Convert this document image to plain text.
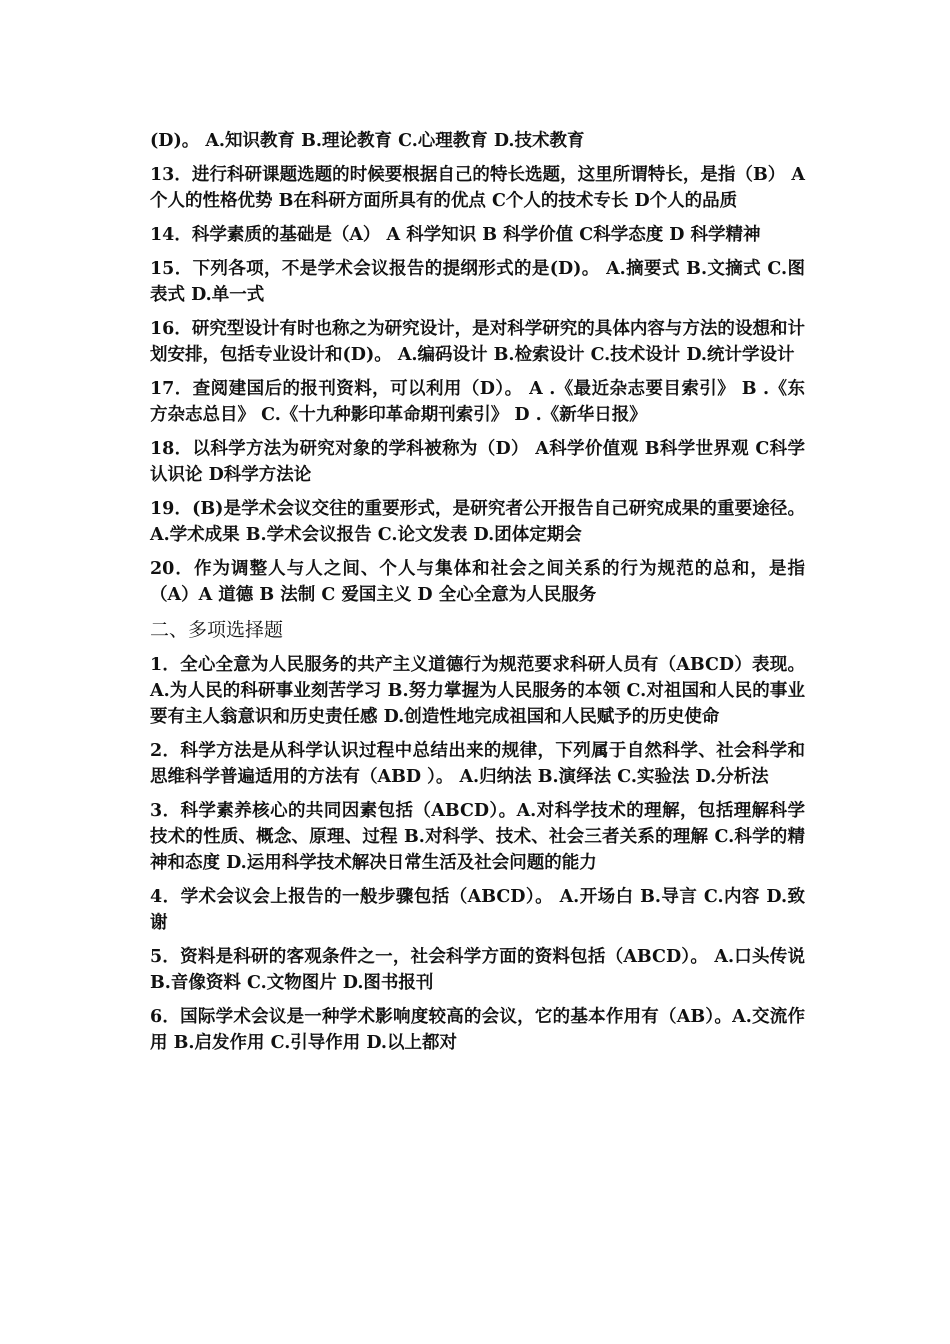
(D)。 A.知识教育 B.理论教育 C.心理教育 D.技术教育
13．进行科研课题选题的时候要根据自己的特长选题，这里所谓特长，是指（B） A个人的性格优势 B在科研方面所具有的优点 C个人的技术专长 D个人的品质
14．科学素质的基础是（A） A 科学知识 B 科学价值 C科学态度 D 科学精神
15．下列各项，不是学术会议报告的提纲形式的是(D)。 A.摘要式 B.文摘式 C.图表式 D.单一式
16．研究型设计有时也称之为研究设计，是对科学研究的具体内容与方法的设想和计划安排，包括专业设计和(D)。 A.编码设计 B.检索设计 C.技术设计 D.统计学设计
17．查阅建国后的报刊资料，可以利用（D）。 A .《最近杂志要目索引》 B .《东方杂志总目》 C.《十九种影印革命期刊索引》 D .《新华日报》
18．以科学方法为研究对象的学科被称为（D） A科学价值观 B科学世界观 C科学认识论 D科学方法论
19．(B)是学术会议交往的重要形式，是研究者公开报告自己研究成果的重要途径。 A.学术成果 B.学术会议报告 C.论文发表 D.团体定期会
20．作为调整人与人之间、个人与集体和社会之间关系的行为规范的总和，是指（A）A 道德 B 法制 C 爱国主义 D 全心全意为人民服务
二、多项选择题
1．全心全意为人民服务的共产主义道德行为规范要求科研人员有（ABCD）表现。 A.为人民的科研事业刻苦学习 B.努力掌握为人民服务的本领 C.对祖国和人民的事业要有主人翁意识和历史责任感 D.创造性地完成祖国和人民赋予的历史使命
2．科学方法是从科学认识过程中总结出来的规律，下列属于自然科学、社会科学和思维科学普遍适用的方法有（ABD ）。 A.归纳法 B.演绎法 C.实验法 D.分析法
3．科学素养核心的共同因素包括（ABCD）。A.对科学技术的理解，包括理解科学技术的性质、概念、原理、过程 B.对科学、技术、社会三者关系的理解 C.科学的精神和态度 D.运用科学技术解决日常生活及社会问题的能力
4．学术会议会上报告的一般步骤包括（ABCD）。 A.开场白 B.导言 C.内容 D.致谢
5．资料是科研的客观条件之一，社会科学方面的资料包括（ABCD）。 A.口头传说 B.音像资料 C.文物图片 D.图书报刊
6．国际学术会议是一种学术影响度较高的会议，它的基本作用有（AB）。A.交流作用 B.启发作用 C.引导作用 D.以上都对
